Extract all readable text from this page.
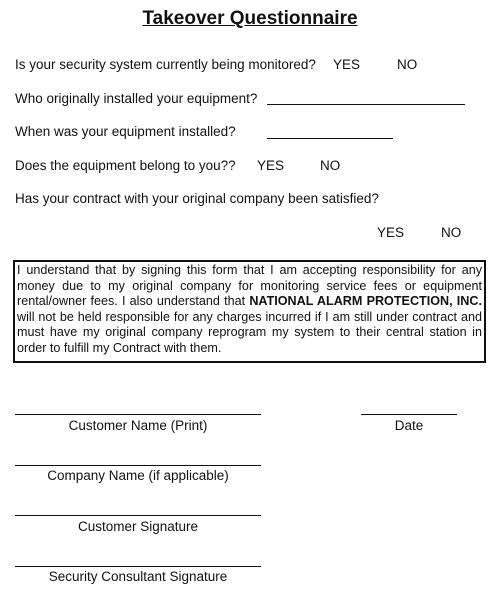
Takeover Questionnaire
Is your security system currently being monitored? YES	NO
Who originally installed your equipment?
When was your equipment installed?
Does the equipment belong to you?? YES	NO
Has your contract with your original company been satisfied?
YES	NO
I understand that by signing this form that I am accepting responsibility for any money due to my original company for monitoring service fees or equipment rental/owner fees. I also understand that NATIONAL ALARM PROTECTION, INC. will not be held responsible for any charges incurred if I am still under contract and must have my original company reprogram my system to their central station in order to fulfill my Contract with them.
Customer Name (Print)	Date
Company Name (if applicable)
Customer Signature
Security Consultant Signature
